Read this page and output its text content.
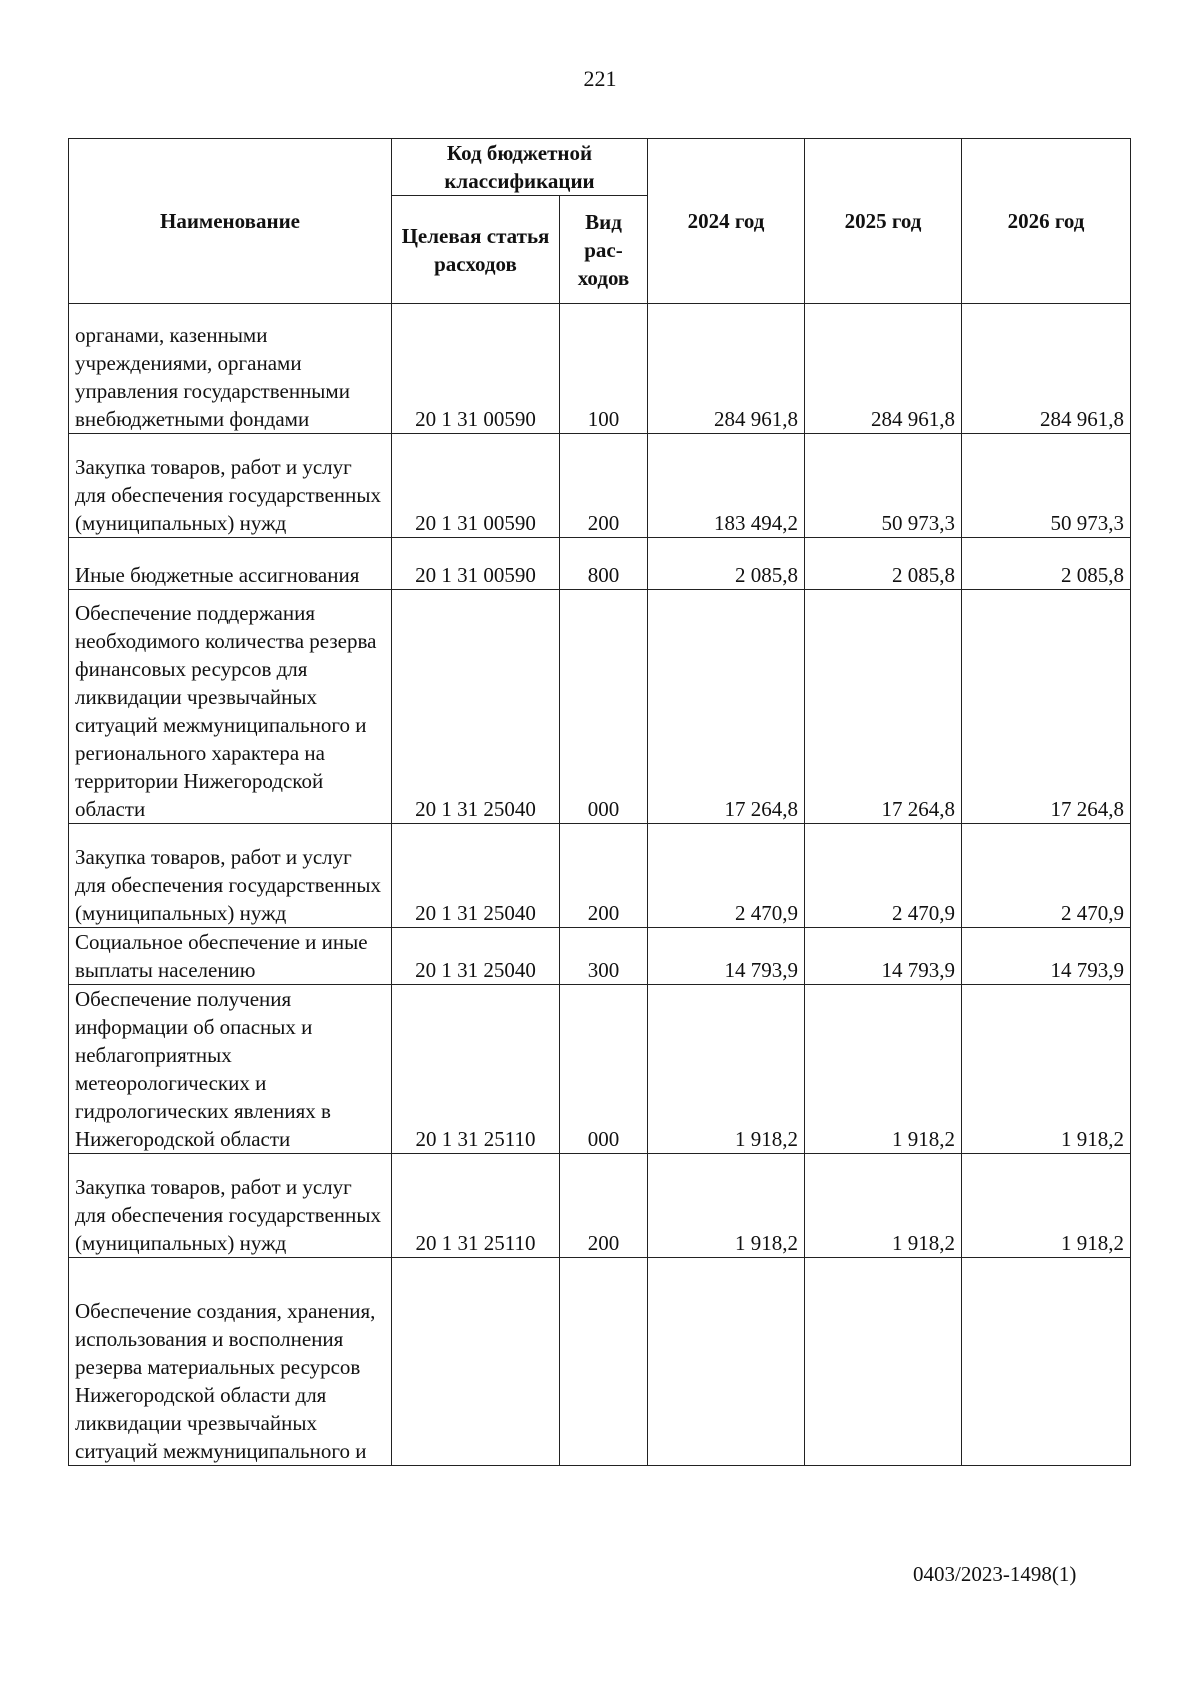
221
Наименование	Код бюджетной классификации		2024 год	2025 год	2026 год
	Целевая статья расходов	Вид рас-ходов			
органами, казенными учреждениями, органами управления государственными внебюджетными фондами	20 1 31 00590	100	284 961,8	284 961,8	284 961,8
Закупка товаров, работ и услуг для обеспечения государственных (муниципальных) нужд	20 1 31 00590	200	183 494,2	50 973,3	50 973,3
Иные бюджетные ассигнования	20 1 31 00590	800	2 085,8	2 085,8	2 085,8
Обеспечение поддержания необходимого количества резерва финансовых ресурсов для ликвидации чрезвычайных ситуаций межмуниципального и регионального характера на территории Нижегородской области	20 1 31 25040	000	17 264,8	17 264,8	17 264,8
Закупка товаров, работ и услуг для обеспечения государственных (муниципальных) нужд	20 1 31 25040	200	2 470,9	2 470,9	2 470,9
Социальное обеспечение и иные выплаты населению	20 1 31 25040	300	14 793,9	14 793,9	14 793,9
Обеспечение получения информации об опасных и неблагоприятных метеорологических и гидрологических явлениях в Нижегородской области	20 1 31 25110	000	1 918,2	1 918,2	1 918,2
Закупка товаров, работ и услуг для обеспечения государственных (муниципальных) нужд	20 1 31 25110	200	1 918,2	1 918,2	1 918,2
Обеспечение создания, хранения, использования и восполнения резерва материальных ресурсов Нижегородской области для ликвидации чрезвычайных ситуаций межмуниципального и					
0403/2023-1498(1)
